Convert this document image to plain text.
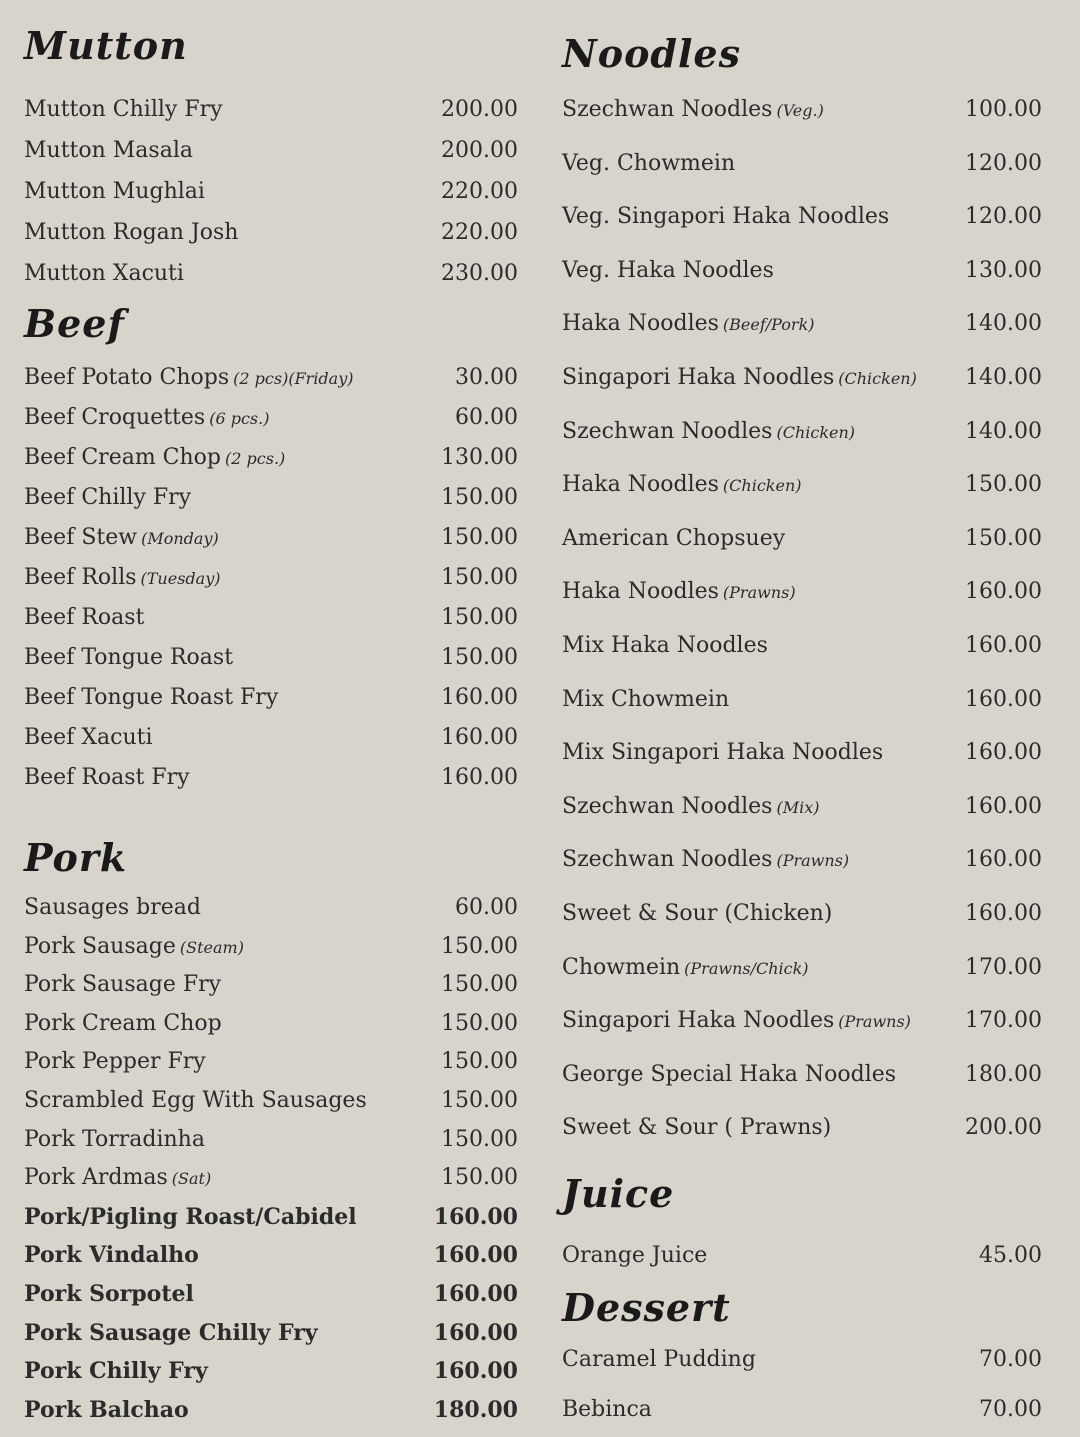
Mutton
Mutton Chilly Fry	200.00
Mutton Masala	200.00
Mutton Mughlai	220.00
Mutton Rogan Josh	220.00
Mutton Xacuti	230.00
Beef
Beef Potato Chops (2 pcs)(Friday)	30.00
Beef Croquettes (6 pcs.)	60.00
Beef Cream Chop (2 pcs.)	130.00
Beef Chilly Fry	150.00
Beef Stew (Monday)	150.00
Beef Rolls (Tuesday)	150.00
Beef Roast	150.00
Beef Tongue Roast	150.00
Beef Tongue Roast Fry	160.00
Beef Xacuti	160.00
Beef Roast Fry	160.00
Pork
Sausages bread	60.00
Pork Sausage (Steam)	150.00
Pork Sausage Fry	150.00
Pork Cream Chop	150.00
Pork Pepper Fry	150.00
Scrambled Egg With Sausages	150.00
Pork Torradinha	150.00
Pork Ardmas (Sat)	150.00
Pork/Pigling Roast/Cabidel	160.00
Pork Vindalho	160.00
Pork Sorpotel	160.00
Pork Sausage Chilly Fry	160.00
Pork Chilly Fry	160.00
Pork Balchao	180.00
Noodles
Szechwan Noodles (Veg.)	100.00
Veg. Chowmein	120.00
Veg. Singapori Haka Noodles	120.00
Veg. Haka Noodles	130.00
Haka Noodles (Beef/Pork)	140.00
Singapori Haka Noodles (Chicken) 140.00
Szechwan Noodles (Chicken)	140.00
Haka Noodles (Chicken)	150.00
American Chopsuey	150.00
Haka Noodles (Prawns)	160.00
Mix Haka Noodles	160.00
Mix Chowmein	160.00
Mix Singapori Haka Noodles	160.00
Szechwan Noodles (Mix)	160.00
Szechwan Noodles (Prawns)	160.00
Sweet & Sour (Chicken)	160.00
Chowmein (Prawns/Chick)	170.00
Singapori Haka Noodles (Prawns) 170.00
George Special Haka Noodles	180.00
Sweet & Sour ( Prawns)	200.00
Juice
Orange Juice	45.00
Dessert
Caramel Pudding	70.00
Bebinca	70.00
